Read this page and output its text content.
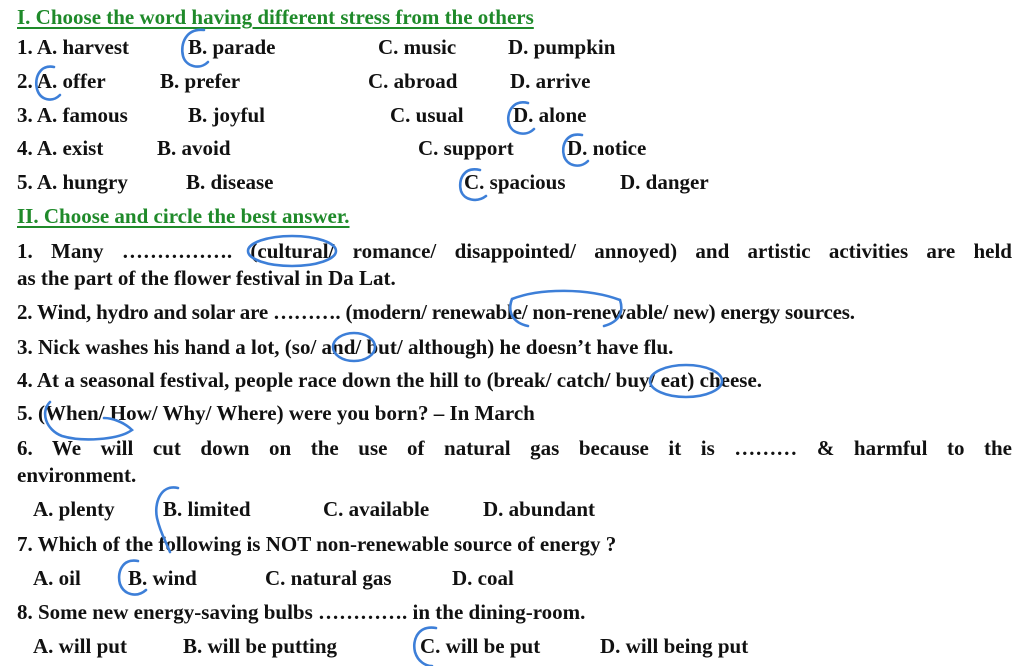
I. Choose the word having different stress from the others
1. A. harvest	B. parade	C. music D. pumpkin
2. A. offer	B. prefer	C. abroad	D. arrive
3. A. famous	B. joyful	C. usual D. alone
4. A. exist	B. avoid	C. support	D. notice
5. A. hungry	B. disease	C. spacious	D. danger
II. Choose and circle the best answer.
1. Many ……………. (cultural/ romance/ disappointed/ annoyed) and artistic activities are held
as the part of the flower festival in Da Lat.
2. Wind, hydro and solar are ………. (modern/ renewable/ non-renewable/ new) energy sources.
3. Nick washes his hand a lot, (so/ and/ but/ although) he doesn’t have flu.
4. At a seasonal festival, people race down the hill to (break/ catch/ buy/ eat) cheese.
5. (When/ How/ Why/ Where) were you born? – In March
6. We will cut down on the use of natural gas because it is ……… & harmful to the
environment.
A. plenty B. limited	C. available	D. abundant
7. Which of the following is NOT non-renewable source of energy ?
A. oil B. wind	C. natural gas	D. coal
8. Some new energy-saving bulbs …………. in the dining-room.
A. will put	B. will be putting	C. will be put	D. will being put
